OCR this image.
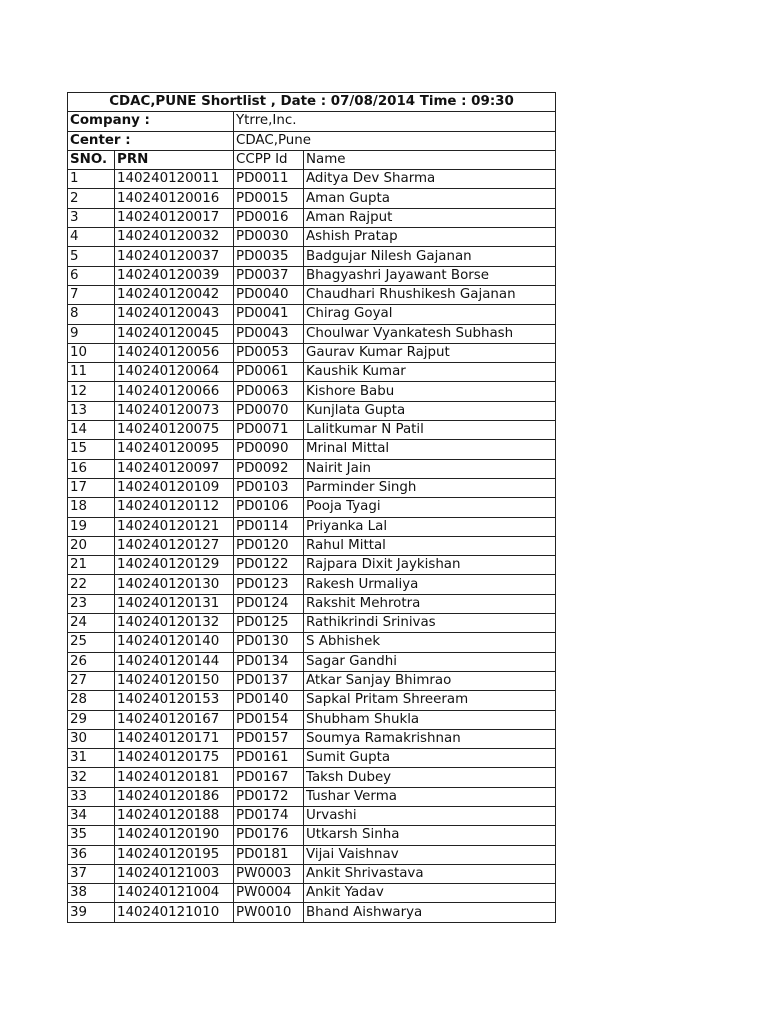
CDAC,PUNE Shortlist , Date : 07/08/2014 Time : 09:30			
Company :		Ytrre,Inc.	
Center :		CDAC,Pune	
SNO.	PRN	CCPP Id	Name
1	140240120011	PD0011	Aditya Dev Sharma
2	140240120016	PD0015	Aman Gupta
3	140240120017	PD0016	Aman Rajput
4	140240120032	PD0030	Ashish Pratap
5	140240120037	PD0035	Badgujar Nilesh Gajanan
6	140240120039	PD0037	Bhagyashri Jayawant Borse
7	140240120042	PD0040	Chaudhari Rhushikesh Gajanan
8	140240120043	PD0041	Chirag Goyal
9	140240120045	PD0043	Choulwar Vyankatesh Subhash
10	140240120056	PD0053	Gaurav Kumar Rajput
11	140240120064	PD0061	Kaushik Kumar
12	140240120066	PD0063	Kishore Babu
13	140240120073	PD0070	Kunjlata Gupta
14	140240120075	PD0071	Lalitkumar N Patil
15	140240120095	PD0090	Mrinal Mittal
16	140240120097	PD0092	Nairit Jain
17	140240120109	PD0103	Parminder Singh
18	140240120112	PD0106	Pooja Tyagi
19	140240120121	PD0114	Priyanka Lal
20	140240120127	PD0120	Rahul Mittal
21	140240120129	PD0122	Rajpara Dixit Jaykishan
22	140240120130	PD0123	Rakesh Urmaliya
23	140240120131	PD0124	Rakshit Mehrotra
24	140240120132	PD0125	Rathikrindi Srinivas
25	140240120140	PD0130	S Abhishek
26	140240120144	PD0134	Sagar Gandhi
27	140240120150	PD0137	Atkar Sanjay Bhimrao
28	140240120153	PD0140	Sapkal Pritam Shreeram
29	140240120167	PD0154	Shubham Shukla
30	140240120171	PD0157	Soumya Ramakrishnan
31	140240120175	PD0161	Sumit Gupta
32	140240120181	PD0167	Taksh Dubey
33	140240120186	PD0172	Tushar Verma
34	140240120188	PD0174	Urvashi
35	140240120190	PD0176	Utkarsh Sinha
36	140240120195	PD0181	Vijai Vaishnav
37	140240121003	PW0003	Ankit Shrivastava
38	140240121004	PW0004	Ankit Yadav
39	140240121010	PW0010	Bhand Aishwarya
